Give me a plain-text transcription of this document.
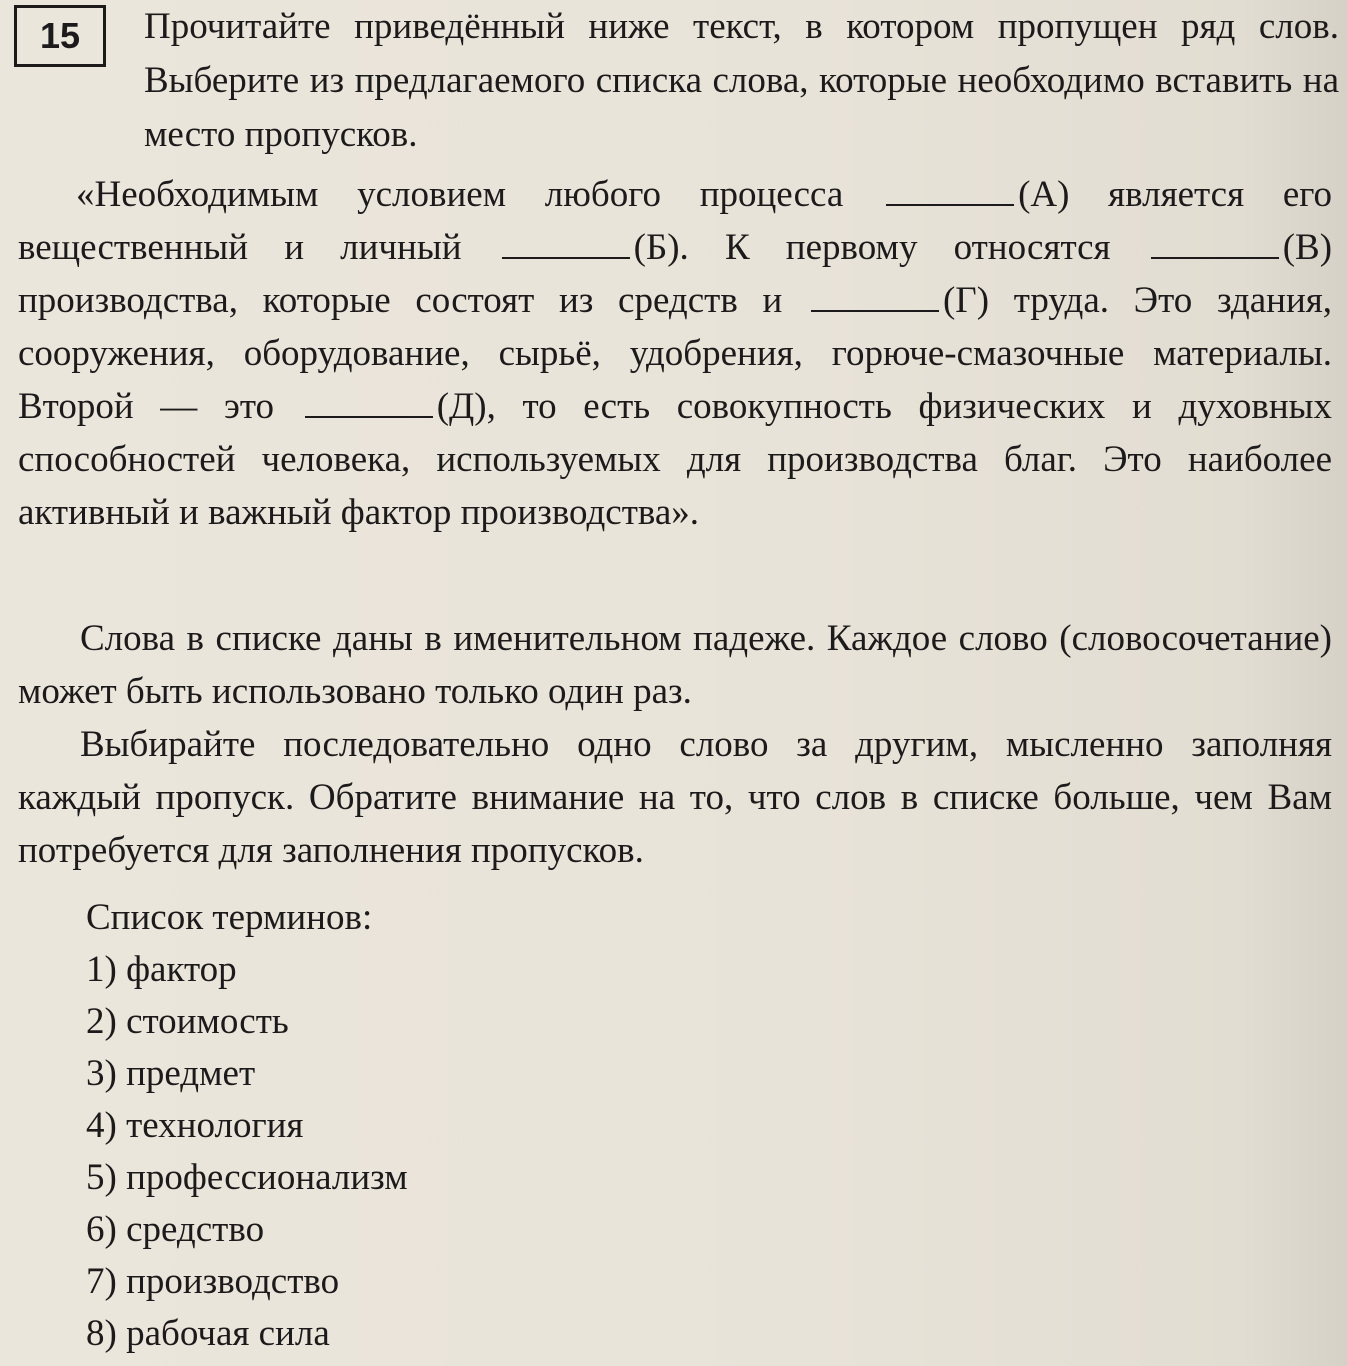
15 Прочитайте приведённый ниже текст, в котором пропущен ряд слов. Выберите из предлагаемого списка слова, которые необходимо вставить на место пропусков.

«Необходимым условием любого процесса	(А) является его вещественный и личный	(Б). К первому относятся	(В) производства, которые состоят из средств и	(Г) труда. Это здания, сооружения, оборудование, сырьё, удобрения, горюче-смазочные материалы. Второй — это	(Д), то есть совокупность физических и духовных способностей человека, используемых для производства благ. Это наиболее активный и важный фактор производства».

Слова в списке даны в именительном падеже. Каждое слово (словосочетание) может быть использовано только один раз.

Выбирайте последовательно одно слово за другим, мысленно заполняя каждый пропуск. Обратите внимание на то, что слов в списке больше, чем Вам потребуется для заполнения пропусков.

Список терминов:

1) фактор
2) стоимость
3) предмет
4) технология
5) профессионализм
6) средство
7) производство
8) рабочая сила
